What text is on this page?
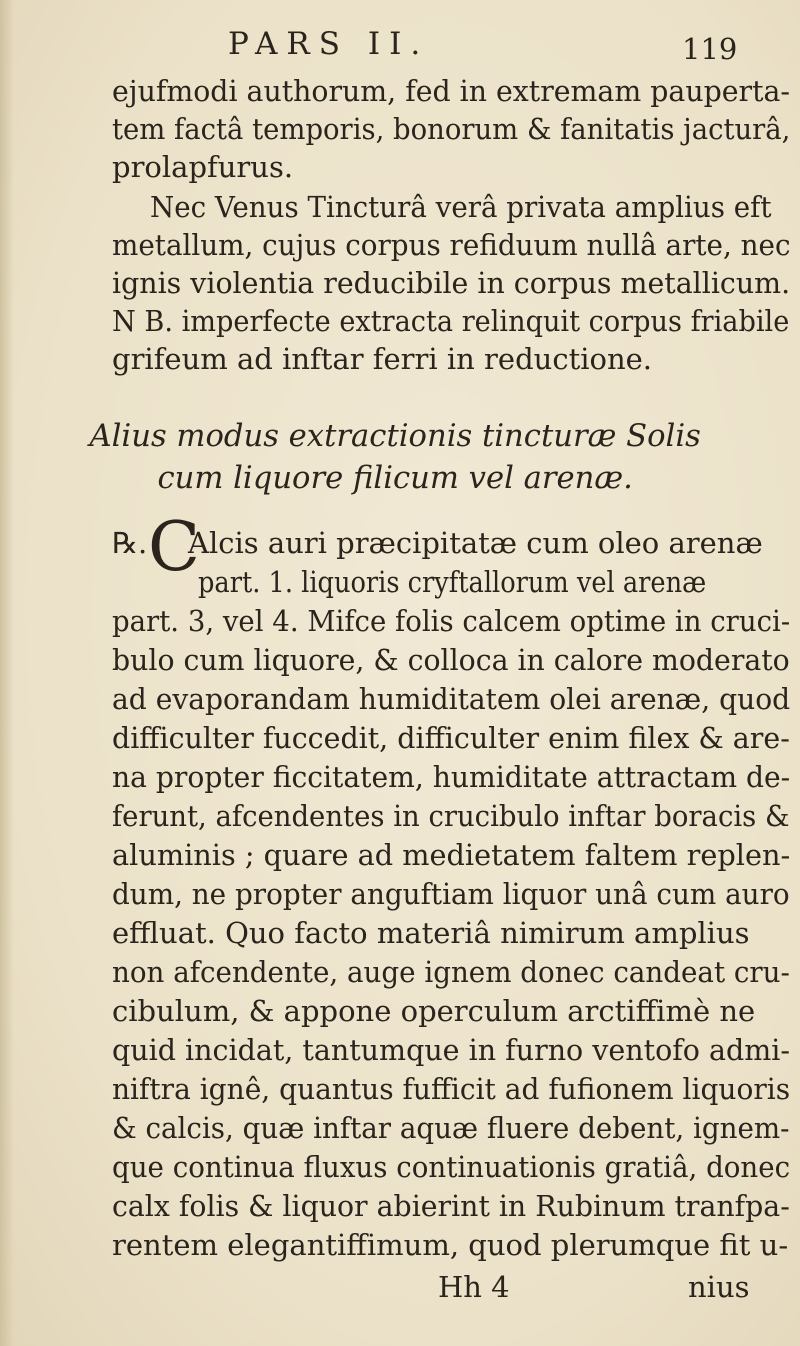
PARS II.	119
ejufmodi authorum, fed in extremam pauperta-
tem factâ temporis, bonorum & fanitatis jacturâ,
prolapfurus.
Nec Venus Tincturâ verâ privata amplius eft
metallum, cujus corpus refiduum nullâ arte, nec
ignis violentia reducibile in corpus metallicum.
N B. imperfecte extracta relinquit corpus friabile
grifeum ad inftar ferri in reductione.
Alius modus extractionis tincturæ Solis
cum liquore filicum vel arenæ.
℞. Alcis auri præcipitatæ cum oleo arenæ
C
part. 1. liquoris cryftallorum vel arenæ
part. 3, vel 4. Mifce folis calcem optime in cruci-
bulo cum liquore, & colloca in calore moderato
ad evaporandam humiditatem olei arenæ, quod
difficulter fuccedit, difficulter enim filex & are-
na propter ficcitatem, humiditate attractam de-
ferunt, afcendentes in crucibulo inftar boracis &
aluminis ; quare ad medietatem faltem replen-
dum, ne propter anguftiam liquor unâ cum auro
effluat. Quo facto materiâ nimirum amplius
non afcendente, auge ignem donec candeat cru-
cibulum, & appone operculum arctiffimè ne
quid incidat, tantumque in furno ventofo admi-
niftra ignê, quantus fufficit ad fufionem liquoris
& calcis, quæ inftar aquæ fluere debent, ignem-
que continua fluxus continuationis gratiâ, donec
calx folis & liquor abierint in Rubinum tranfpa-
rentem elegantiffimum, quod plerumque fit u-
Hh 4	nius
